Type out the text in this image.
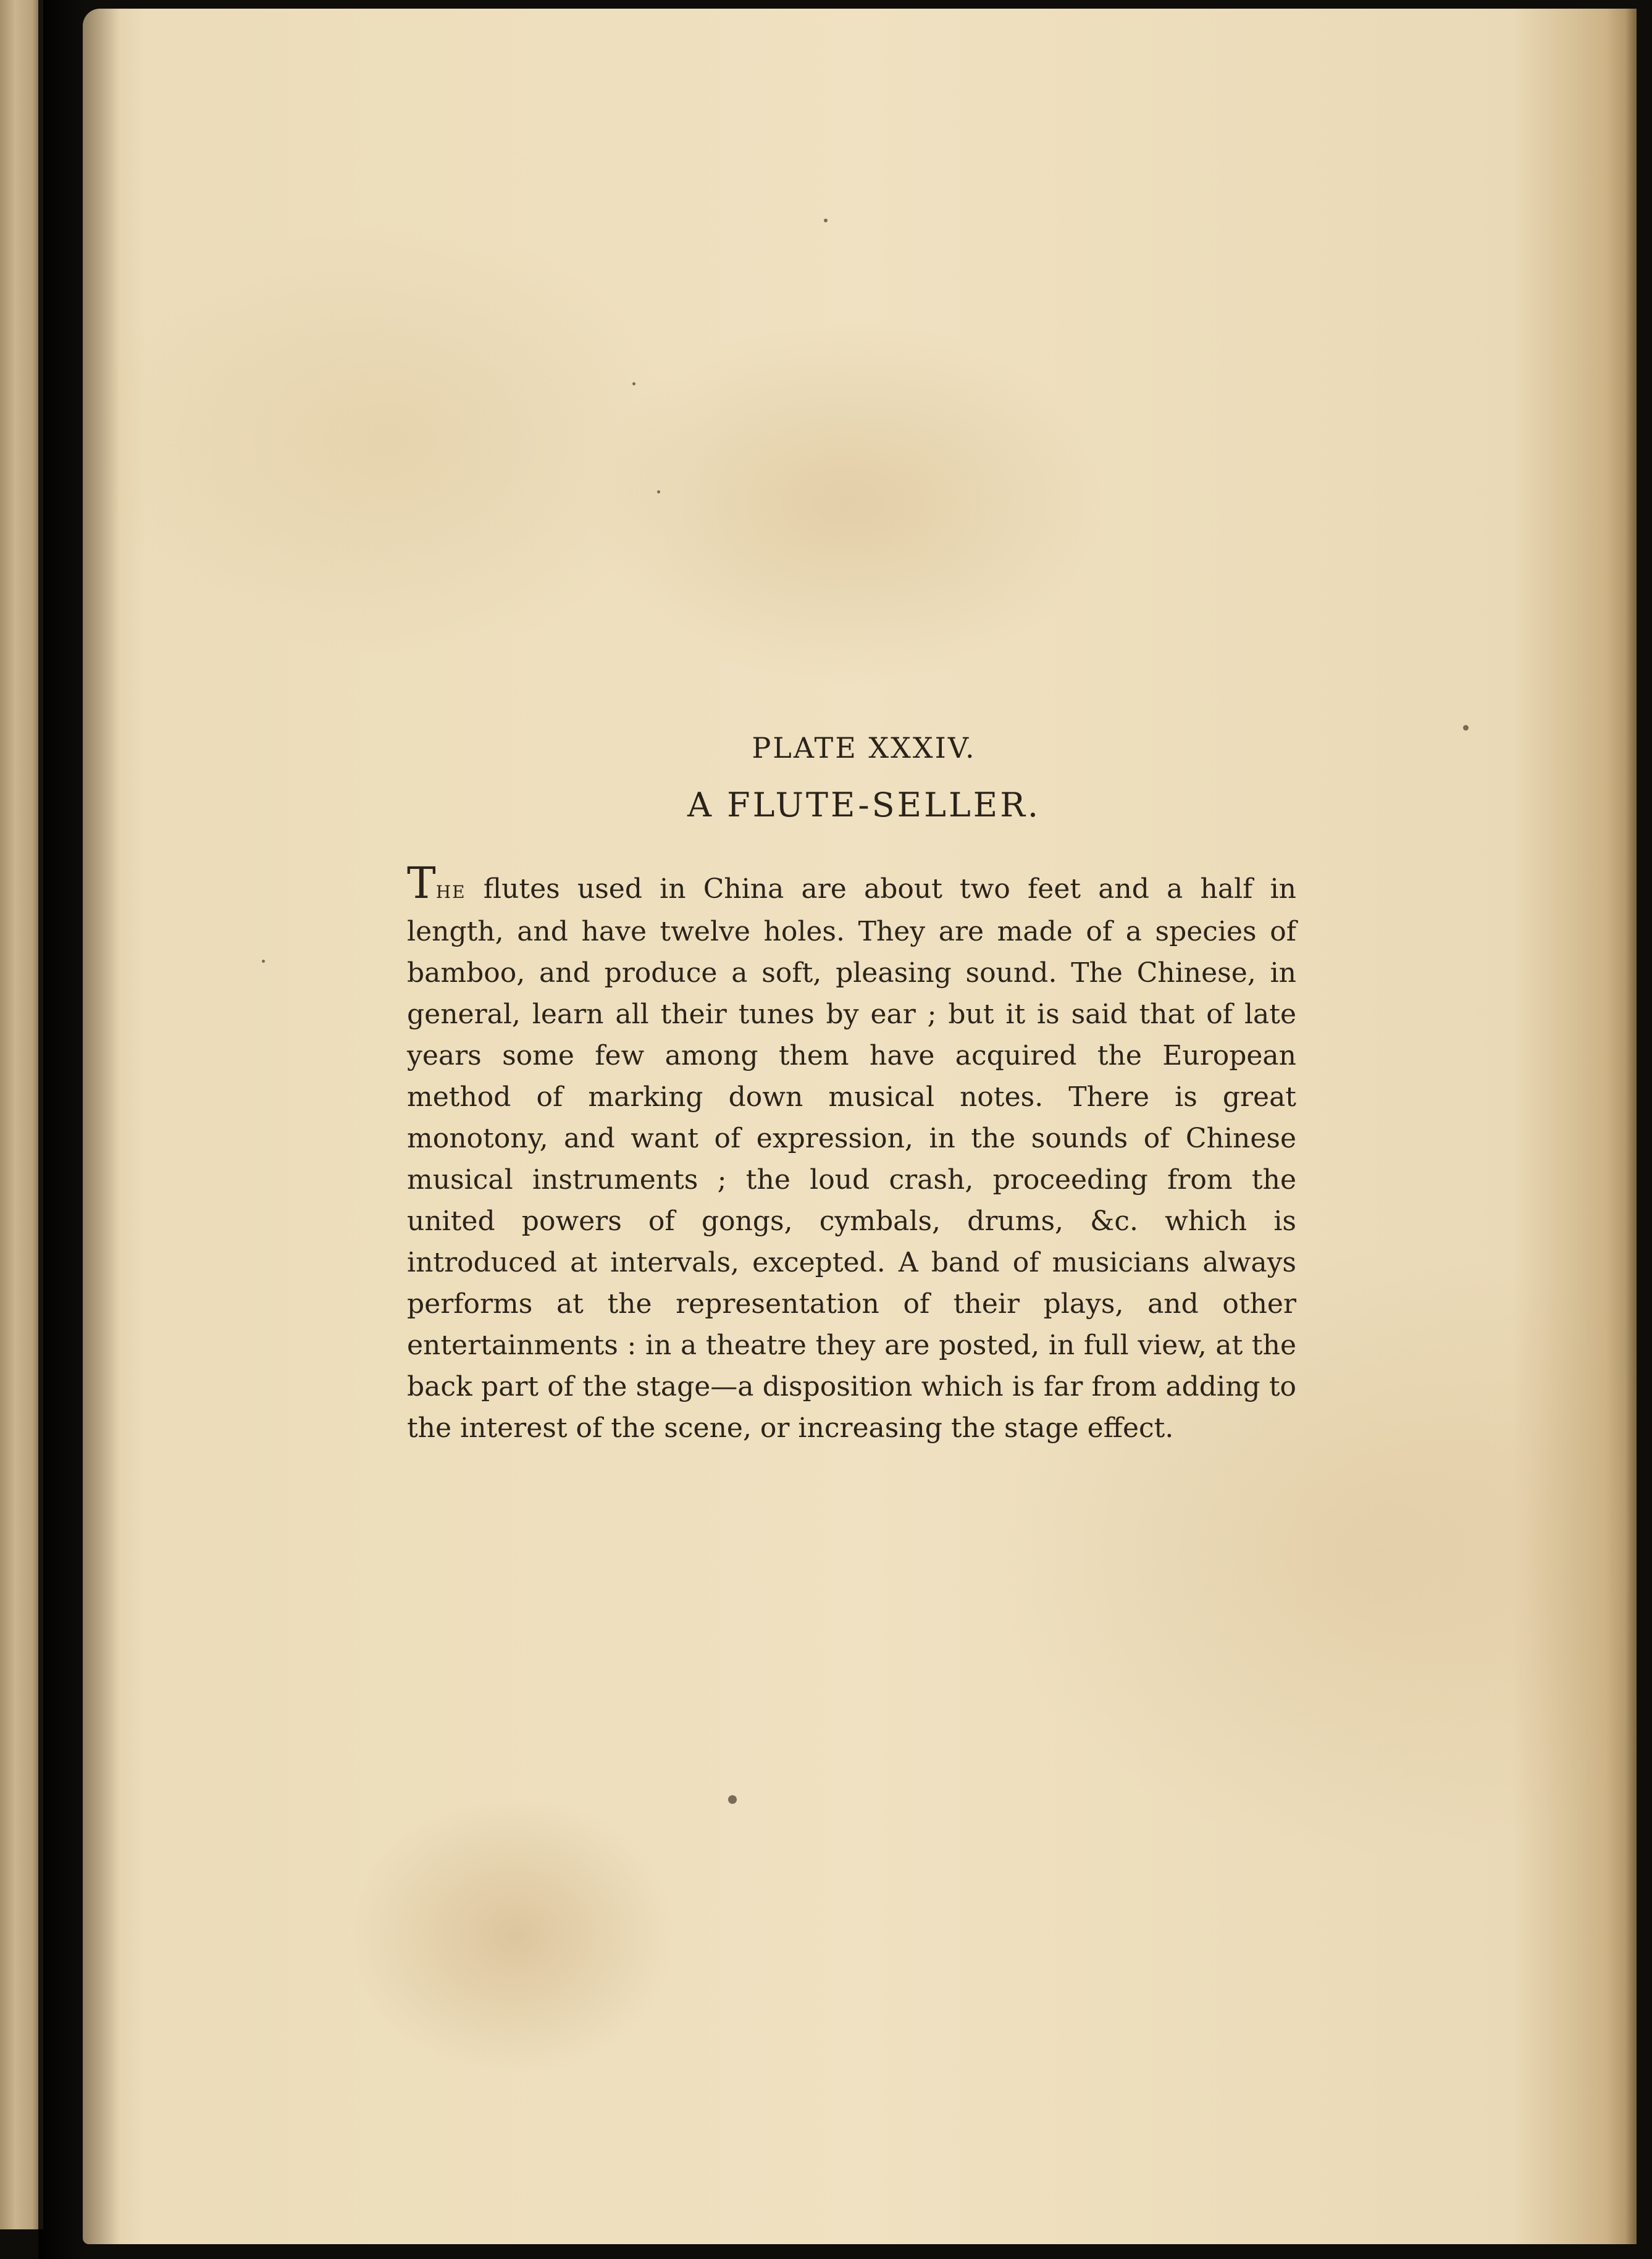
PLATE XXXIV.
A FLUTE-SELLER.

The flutes used in China are about two feet and a half in length, and have twelve holes. They are made of a species of bamboo, and produce a soft, pleasing sound. The Chinese, in general, learn all their tunes by ear ; but it is said that of late years some few among them have acquired the European method of marking down musical notes. There is great monotony, and want of expression, in the sounds of Chinese musical instruments ; the loud crash, proceeding from the united powers of gongs, cymbals, drums, &c. which is introduced at intervals, excepted. A band of musicians always performs at the representation of their plays, and other entertainments : in a theatre they are posted, in full view, at the back part of the stage—a disposition which is far from adding to the interest of the scene, or increasing the stage effect.
